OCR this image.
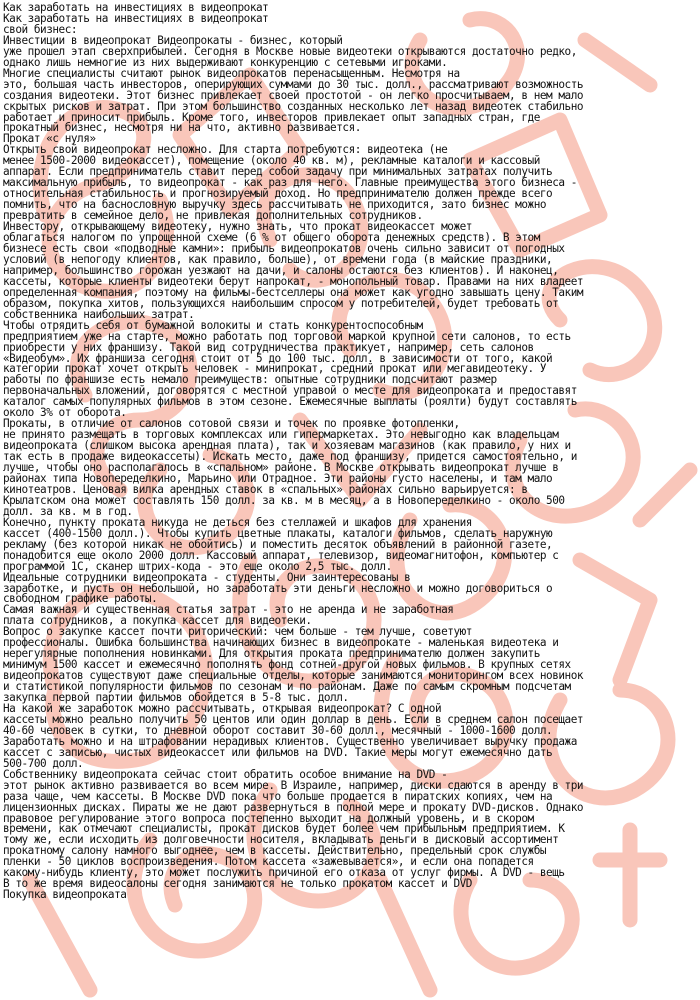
Как заработать на инвестициях в видеопрокат

Как заработать на инвестициях в видеопрокат

свой бизнес:

Инвестиции в видеопрокат Видеопрокаты - бизнес, который
уже прошел этап сверхприбылей. Сегодня в Москве новые видеотеки открываются достаточно редко,
однако лишь немногие из них выдерживают конкуренцию с сетевыми игроками.

Многие специалисты считают рынок видеопрокатов перенасыщенным. Несмотря на
это, большая часть инвесторов, оперирующих суммами до 30 тыс. долл., рассматривают возможность
создания видеотеки. Этот бизнес привлекает своей простотой - он легко просчитываем, в нем мало
скрытых рисков и затрат. При этом большинство созданных несколько лет назад видеотек стабильно
работает и приносит прибыль. Кроме того, инвесторов привлекает опыт западных стран, где
прокатный бизнес, несмотря ни на что, активно развивается.

Прокат «с нуля»

Открыть свой видеопрокат несложно. Для старта потребуются: видеотека (не
менее 1500-2000 видеокассет), помещение (около 40 кв. м), рекламные каталоги и кассовый
аппарат. Если предприниматель ставит перед собой задачу при минимальных затратах получить
максимальную прибыль, то видеопрокат - как раз для него. Главные преимущества этого бизнеса -
относительная стабильность и прогнозируемый доход. Но предпринимателю должен прежде всего
помнить, что на баснословную выручку здесь рассчитывать не приходится, зато бизнес можно
превратить в семейное дело, не привлекая дополнительных сотрудников.

Инвестору, открывающему видеотеку, нужно знать, что прокат видеокассет может
облагаться налогом по упрощенной схеме (6 % от общего оборота денежных средств). В этом
бизнесе есть свои «подводные камни»: прибыль видеопрокатов очень сильно зависит от погодных
условий (в непогоду клиентов, как правило, больше), от времени года (в майские праздники,
например, большинство горожан уезжают на дачи, и салоны остаются без клиентов). И наконец,
кассеты, которые клиенты видеотеки берут напрокат, - монопольный товар. Правами на них владеет
определенная компания, поэтому на фильмы-бестселлеры она может как угодно завышать цену. Таким
образом, покупка хитов, пользующихся наибольшим спросом у потребителей, будет требовать от
собственника наибольших затрат.

Чтобы отрядить себя от бумажной волокиты и стать конкурентоспособным
предприятием уже на старте, можно работать под торговой маркой крупной сети салонов, то есть
приобрести у них франшизу. Такой вид сотрудничества практикует, например, сеть салонов
«Видеобум». Их франшиза сегодня стоит от 5 до 100 тыс. долл. в зависимости от того, какой
категории прокат хочет открыть человек - минипрокат, средний прокат или мегавидеотеку. У
работы по франшизе есть немало преимуществ: опытные сотрудники подсчитают размер
первоначальных вложений, договорятся с местной управой о месте для видеопроката и предоставят
каталог самых популярных фильмов в этом сезоне. Ежемесячные выплаты (роялти) будут составлять
около 3% от оборота.

Прокаты, в отличие от салонов сотовой связи и точек по проявке фотопленки,
не принято размещать в торговых комплексах или гипермаркетах. Это невыгодно как владельцам
видеопроката (слишком высока арендная плата), так и хозяевам магазинов (как правило, у них и
так есть в продаже видеокассеты). Искать место, даже под франшизу, придется самостоятельно, и
лучше, чтобы оно располагалось в «спальном» районе. В Москве открывать видеопрокат лучше в
районах типа Новопеределкино, Марьино или Отрадное. Эти районы густо населены, и там мало
кинотеатров. Ценовая вилка арендных ставок в «спальных» районах сильно варьируется: в
Крылатском она может составлять 150 долл. за кв. м в месяц, а в Новопеределкино - около 500
долл. за кв. м в год.

Конечно, пункту проката никуда не деться без стеллажей и шкафов для хранения
кассет (400-1500 долл.). Чтобы купить цветные плакаты, каталоги фильмов, сделать наружную
рекламу (без которой никак не обойтись) и поместить десяток объявлений в районной газете,
понадобится еще около 2000 долл. Кассовый аппарат, телевизор, видеомагнитофон, компьютер с
программой 1С, сканер штрих-кода - это еще около 2,5 тыс. долл.

Идеальные сотрудники видеопроката - студенты. Они заинтересованы в
заработке, и пусть он небольшой, но заработать эти деньги несложно и можно договориться о
свободном графике работы.

Самая важная и существенная статья затрат - это не аренда и не заработная
плата сотрудников, а покупка кассет для видеотеки.

Вопрос о закупке кассет почти риторический: чем больше - тем лучше, советуют
профессионалы. Ошибка большинства начинающих бизнес в видеопрокате - маленькая видеотека и
нерегулярные пополнения новинками. Для открытия проката предпринимателю должен закупить
минимум 1500 кассет и ежемесячно пополнять фонд сотней-другой новых фильмов. В крупных сетях
видеопрокатов существуют даже специальные отделы, которые занимаются мониторингом всех новинок
и статистикой популярности фильмов по сезонам и по районам. Даже по самым скромным подсчетам
закупка первой партии фильмов обойдется в 5-8 тыс. долл.

На какой же заработок можно рассчитывать, открывая видеопрокат? С одной
кассеты можно реально получить 50 центов или один доллар в день. Если в среднем салон посещает
40-60 человек в сутки, то дневной оборот составит 30-60 долл., месячный - 1000-1600 долл.
Заработать можно и на штрафовании нерадивых клиентов. Существенно увеличивает выручку продажа
кассет с записью, чистых видеокассет или фильмов на DVD. Такие меры могут ежемесячно дать
500-700 долл.

Собственнику видеопроката сейчас стоит обратить особое внимание на DVD -
этот рынок активно развивается во всем мире. В Израиле, например, диски сдаются в аренду в три
раза чаще, чем кассеты. В Москве DVD пока что больше продается в пиратских копиях, чем на
лицензионных дисках. Пираты же не дают развернуться в полной мере и прокату DVD-дисков. Однако
правовое регулирование этого вопроса постепенно выходит на должный уровень, и в скором
времени, как отмечают специалисты, прокат дисков будет более чем прибыльным предприятием. К
тому же, если исходить из долговечности носителя, вкладывать деньги в дисковый ассортимент
прокатному салону намного выгоднее, чем в кассеты. Действительно, предельный срок службы
пленки - 50 циклов воспроизведения. Потом кассета «зажевывается», и если она попадется
какому-нибудь клиенту, это может послужить причиной его отказа от услуг фирмы. А DVD - вещь
В то же время видеосалоны сегодня занимаются не только прокатом кассет и DVD

Покупка видеопроката
